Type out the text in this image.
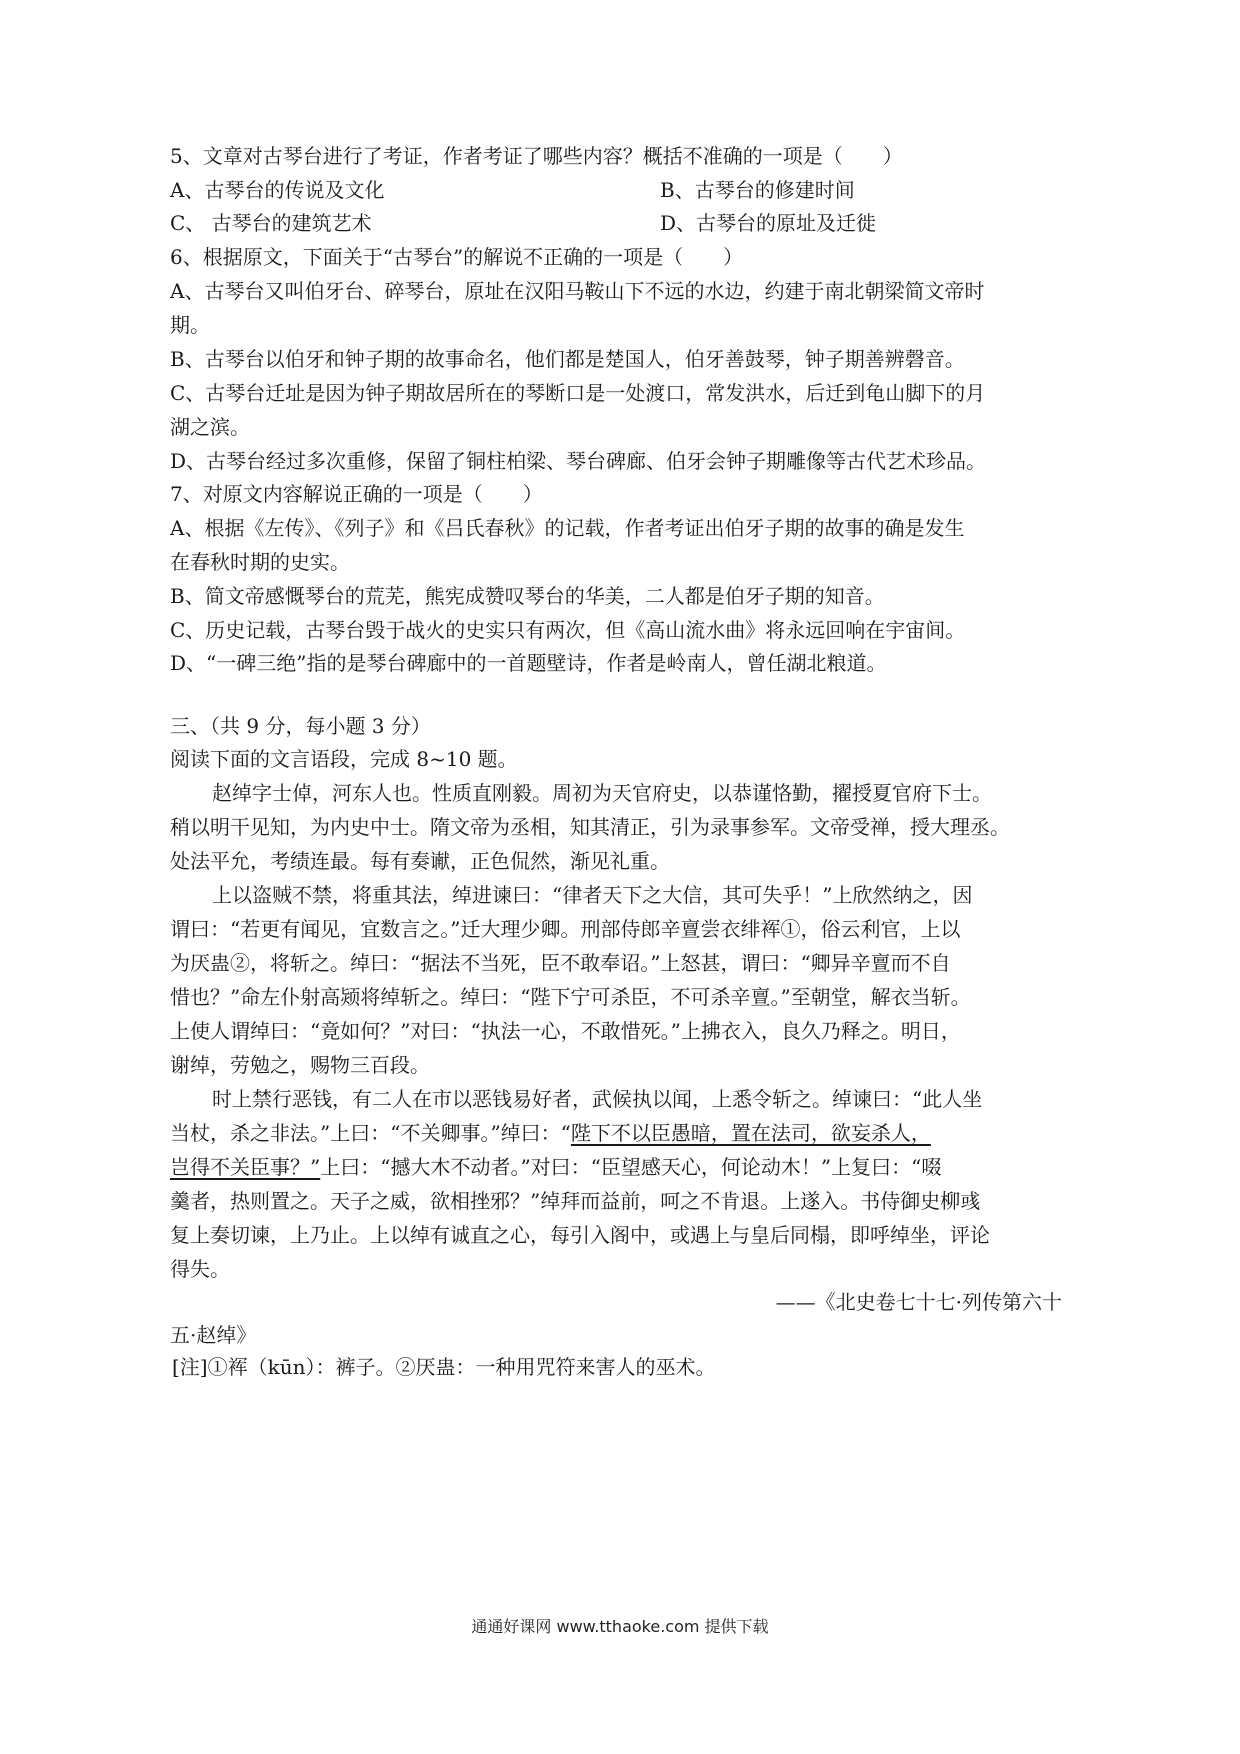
5、文章对古琴台进行了考证，作者考证了哪些内容？概括不准确的一项是（　　）
A、古琴台的传说及文化	B、古琴台的修建时间
C、 古琴台的建筑艺术	D、古琴台的原址及迁徙
6、根据原文，下面关于“古琴台”的解说不正确的一项是（　　）
A、古琴台又叫伯牙台、碎琴台，原址在汉阳马鞍山下不远的水边，约建于南北朝梁简文帝时
期。
B、古琴台以伯牙和钟子期的故事命名，他们都是楚国人，伯牙善鼓琴，钟子期善辨磬音。
C、古琴台迁址是因为钟子期故居所在的琴断口是一处渡口，常发洪水，后迁到龟山脚下的月
湖之滨。
D、古琴台经过多次重修，保留了铜柱柏梁、琴台碑廊、伯牙会钟子期雕像等古代艺术珍品。
7、对原文内容解说正确的一项是（　　）
A、根据《左传》、《列子》和《吕氏春秋》的记载，作者考证出伯牙子期的故事的确是发生
在春秋时期的史实。
B、简文帝感慨琴台的荒芜，熊宪成赞叹琴台的华美，二人都是伯牙子期的知音。
C、历史记载，古琴台毁于战火的史实只有两次，但《高山流水曲》将永远回响在宇宙间。
D、“一碑三绝”指的是琴台碑廊中的一首题壁诗，作者是岭南人，曾任湖北粮道。
三、（共 9 分，每小题 3 分）
阅读下面的文言语段，完成 8~10 题。
赵绰字士倬，河东人也。性质直刚毅。周初为天官府史，以恭谨恪勤，擢授夏官府下士。
稍以明干见知，为内史中士。隋文帝为丞相，知其清正，引为录事参军。文帝受禅，授大理丞。
处法平允，考绩连最。每有奏谳，正色侃然，渐见礼重。
上以盗贼不禁，将重其法，绰进谏曰：“律者天下之大信，其可失乎！”上欣然纳之，因
谓曰：“若更有闻见，宜数言之。”迁大理少卿。刑部侍郎辛亶尝衣绯裈①，俗云利官，上以
为厌蛊②，将斩之。绰曰：“据法不当死，臣不敢奉诏。”上怒甚，谓曰：“卿异辛亶而不自
惜也？”命左仆射高颎将绰斩之。绰曰：“陛下宁可杀臣，不可杀辛亶。”至朝堂，解衣当斩。
上使人谓绰曰：“竟如何？”对曰：“执法一心，不敢惜死。”上拂衣入，良久乃释之。明日，
谢绰，劳勉之，赐物三百段。
时上禁行恶钱，有二人在市以恶钱易好者，武候执以闻，上悉令斩之。绰谏曰：“此人坐
当杖，杀之非法。”上曰：“不关卿事。”绰曰：“陛下不以臣愚暗，置在法司，欲妄杀人，
岂得不关臣事？”上曰：“撼大木不动者。”对曰：“臣望感天心，何论动木！”上复曰：“啜
羹者，热则置之。天子之威，欲相挫邪？”绰拜而益前，呵之不肯退。上遂入。书侍御史柳彧
复上奏切谏，上乃止。上以绰有诚直之心，每引入阁中，或遇上与皇后同榻，即呼绰坐，评论
得失。
——《北史卷七十七·列传第六十
五·赵绰》
[注]①裈（kūn）：裤子。②厌蛊：一种用咒符来害人的巫术。
通通好课网 www.tthaoke.com 提供下载
